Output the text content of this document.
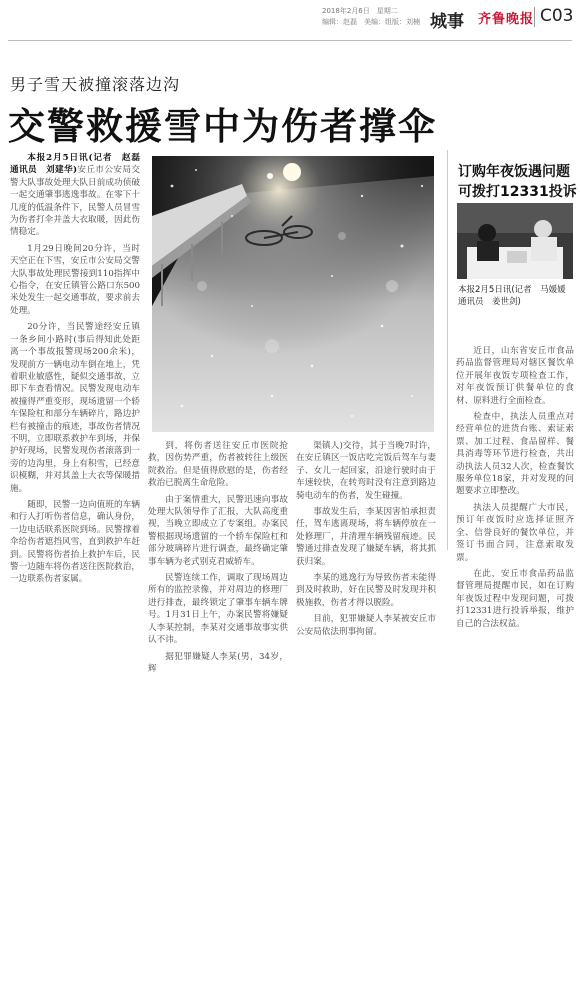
2018年2月6日　星期二
编辑：赵磊　美编：组版：刘楠 城事 齐鲁晚报 C03
男子雪天被撞滚落边沟
交警救援雪中为伤者撑伞

本报2月5日讯(记者　赵磊　通讯员　刘建华)安丘市公安局交警大队事故处理大队日前成功侦破一起交通肇事逃逸事故。在零下十几度的低温条件下，民警人员冒雪为伤者打伞并盖大衣取暖，因此伤情稳定。

1月29日晚间20分许，当时天空正在下雪，安丘市公安局交警大队事故处理民警接到110指挥中心指令，在安丘镇管公路口东500米处发生一起交通事故，要求前去处理。

20分许，当民警途经安丘镇一条乡间小路时(事后得知此处距离一个事故报警现场200余米)，发现前方一辆电动车倒在地上，凭着职业敏感性，疑似交通事故，立即下车查看情况。民警发现电动车被撞得严重变形，现场遗留一个轿车保险杠和部分车辆碎片，路边护栏有被撞击的痕迹，事故伤者情况不明，立即联系救护车到场，并保护好现场，民警发现伤者滚落到一旁的边沟里，身上有积雪，已经意识模糊，并对其盖上大衣等保暖措施。

随即，民警一边向值班的车辆和行人打听伤者信息，确认身份，一边电话联系医院到场。民警撑着伞给伤者遮挡风雪，直到救护车赶到。民警将伤者抬上救护车后，民警一边随车将伤者送往医院救治，一边联系伤者家属。

到，将伤者送往安丘市医院抢救，因伤势严重，伤者被转往上级医院救治。但是值得欣慰的是，伤者经救治已脱离生命危险。

由于案情重大，民警迅速向事故处理大队领导作了汇报，大队高度重视，当晚立即成立了专案组。办案民警根据现场遗留的一个轿车保险杠和部分玻璃碎片进行调查，最终确定肇事车辆为老式别克君威轿车。

民警连续工作，调取了现场周边所有的监控录像，并对周边的修理厂进行排查，最终锁定了肇事车辆车牌号。1月31日上午，办案民警将嫌疑人李某控制，李某对交通事故事实供认不讳。

据犯罪嫌疑人李某(男，34岁，辉

渠镇人)交待，其于当晚7时许，在安丘镇区一饭店吃完饭后驾车与妻子、女儿一起回家，沿途行驶时由于车速较快，在转弯时没有注意到路边骑电动车的伤者，发生碰撞。

事故发生后，李某因害怕承担责任，驾车逃离现场，将车辆停放在一处修理厂，并清理车辆残留痕迹。民警通过排查发现了嫌疑车辆，将其抓获归案。

李某的逃逸行为导致伤者未能得到及时救助，好在民警及时发现并积极施救，伤者才得以脱险。

目前，犯罪嫌疑人李某被安丘市公安局依法刑事拘留。

订购年夜饭遇问题
可拨打12331投诉

本报2月5日讯(记者　马媛媛　通讯员　姜世剑)

近日，山东省安丘市食品药品监督管理局对辖区餐饮单位开展年夜饭专项检查工作，对年夜饭预订供餐单位的食材、原料进行全面检查。

检查中，执法人员重点对经营单位的进货台账、索证索票、加工过程、食品留样、餐具消毒等环节进行检查，共出动执法人员32人次，检查餐饮服务单位18家，并对发现的问题要求立即整改。

执法人员提醒广大市民，预订年夜饭时应选择证照齐全、信誉良好的餐饮单位，并签订书面合同，注意索取发票。

在此，安丘市食品药品监督管理局提醒市民，如在订购年夜饭过程中发现问题，可拨打12331进行投诉举报，维护自己的合法权益。
